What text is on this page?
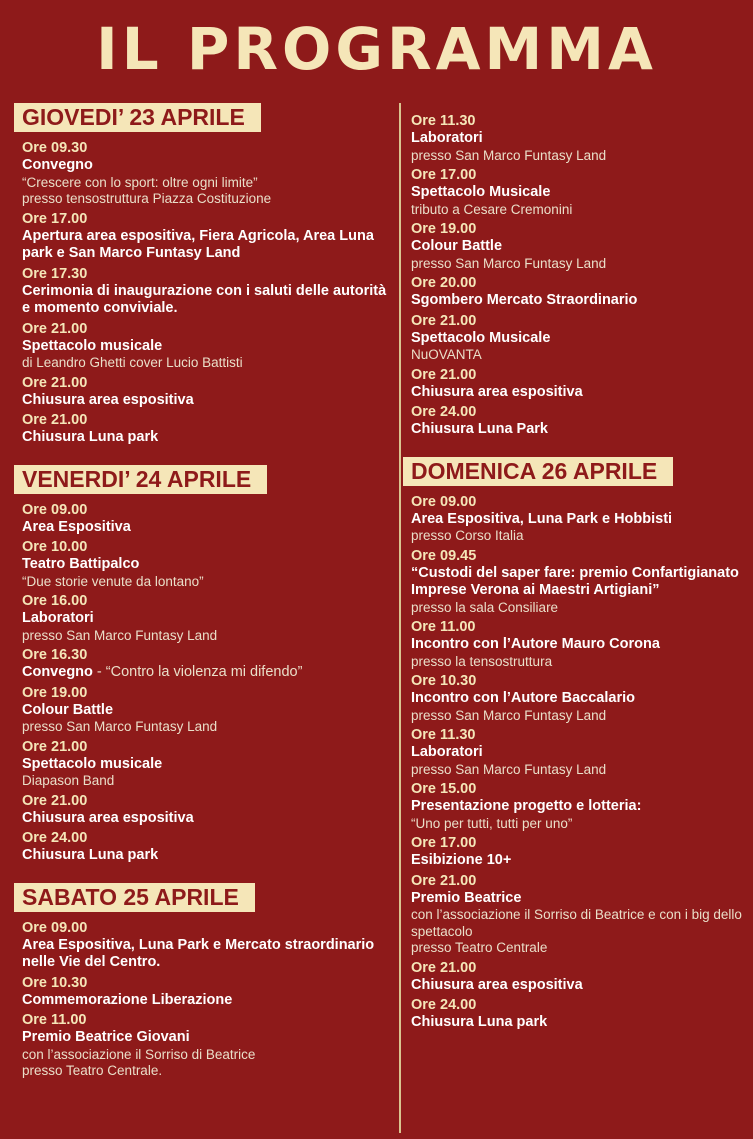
IL PROGRAMMA
GIOVEDI’ 23 APRILE
Ore 09.30
Convegno
“Crescere con lo sport: oltre ogni limite”
presso tensostruttura Piazza Costituzione
Ore 17.00
Apertura area espositiva, Fiera Agricola, Area Luna park e San Marco Funtasy Land
Ore 17.30
Cerimonia di inaugurazione con i saluti delle autorità e momento conviviale.
Ore 21.00
Spettacolo musicale
di Leandro Ghetti cover Lucio Battisti
Ore 21.00
Chiusura area espositiva
Ore 21.00
Chiusura Luna park
VENERDI’ 24 APRILE
Ore 09.00
Area Espositiva
Ore 10.00
Teatro Battipalco
“Due storie venute da lontano”
Ore 16.00
Laboratori
presso San Marco Funtasy Land
Ore 16.30
Convegno - “Contro la violenza mi difendo”
Ore 19.00
Colour Battle
presso San Marco Funtasy Land
Ore 21.00
Spettacolo musicale
Diapason Band
Ore 21.00
Chiusura area espositiva
Ore 24.00
Chiusura Luna park
SABATO 25 APRILE
Ore 09.00
Area Espositiva, Luna Park e Mercato straordinario nelle Vie del Centro.
Ore 10.30
Commemorazione Liberazione
Ore 11.00
Premio Beatrice Giovani
con l’associazione il Sorriso di Beatrice
presso Teatro Centrale.
Ore 11.30
Laboratori
presso San Marco Funtasy Land
Ore 17.00
Spettacolo Musicale
tributo a Cesare Cremonini
Ore 19.00
Colour Battle
presso San Marco Funtasy Land
Ore 20.00
Sgombero Mercato Straordinario
Ore 21.00
Spettacolo Musicale
NuOVANTA
Ore 21.00
Chiusura area espositiva
Ore 24.00
Chiusura Luna Park
DOMENICA 26 APRILE
Ore 09.00
Area Espositiva, Luna Park e Hobbisti
presso Corso Italia
Ore 09.45
“Custodi del saper fare: premio Confartigianato Imprese Verona ai Maestri Artigiani”
presso la sala Consiliare
Ore 11.00
Incontro con l’Autore Mauro Corona
presso la tensostruttura
Ore 10.30
Incontro con l’Autore Baccalario
presso San Marco Funtasy Land
Ore 11.30
Laboratori
presso San Marco Funtasy Land
Ore 15.00
Presentazione progetto e lotteria:
“Uno per tutti, tutti per uno”
Ore 17.00
Esibizione 10+
Ore 21.00
Premio Beatrice
con l’associazione il Sorriso di Beatrice e con i big dello spettacolo
presso Teatro Centrale
Ore 21.00
Chiusura area espositiva
Ore 24.00
Chiusura Luna park
